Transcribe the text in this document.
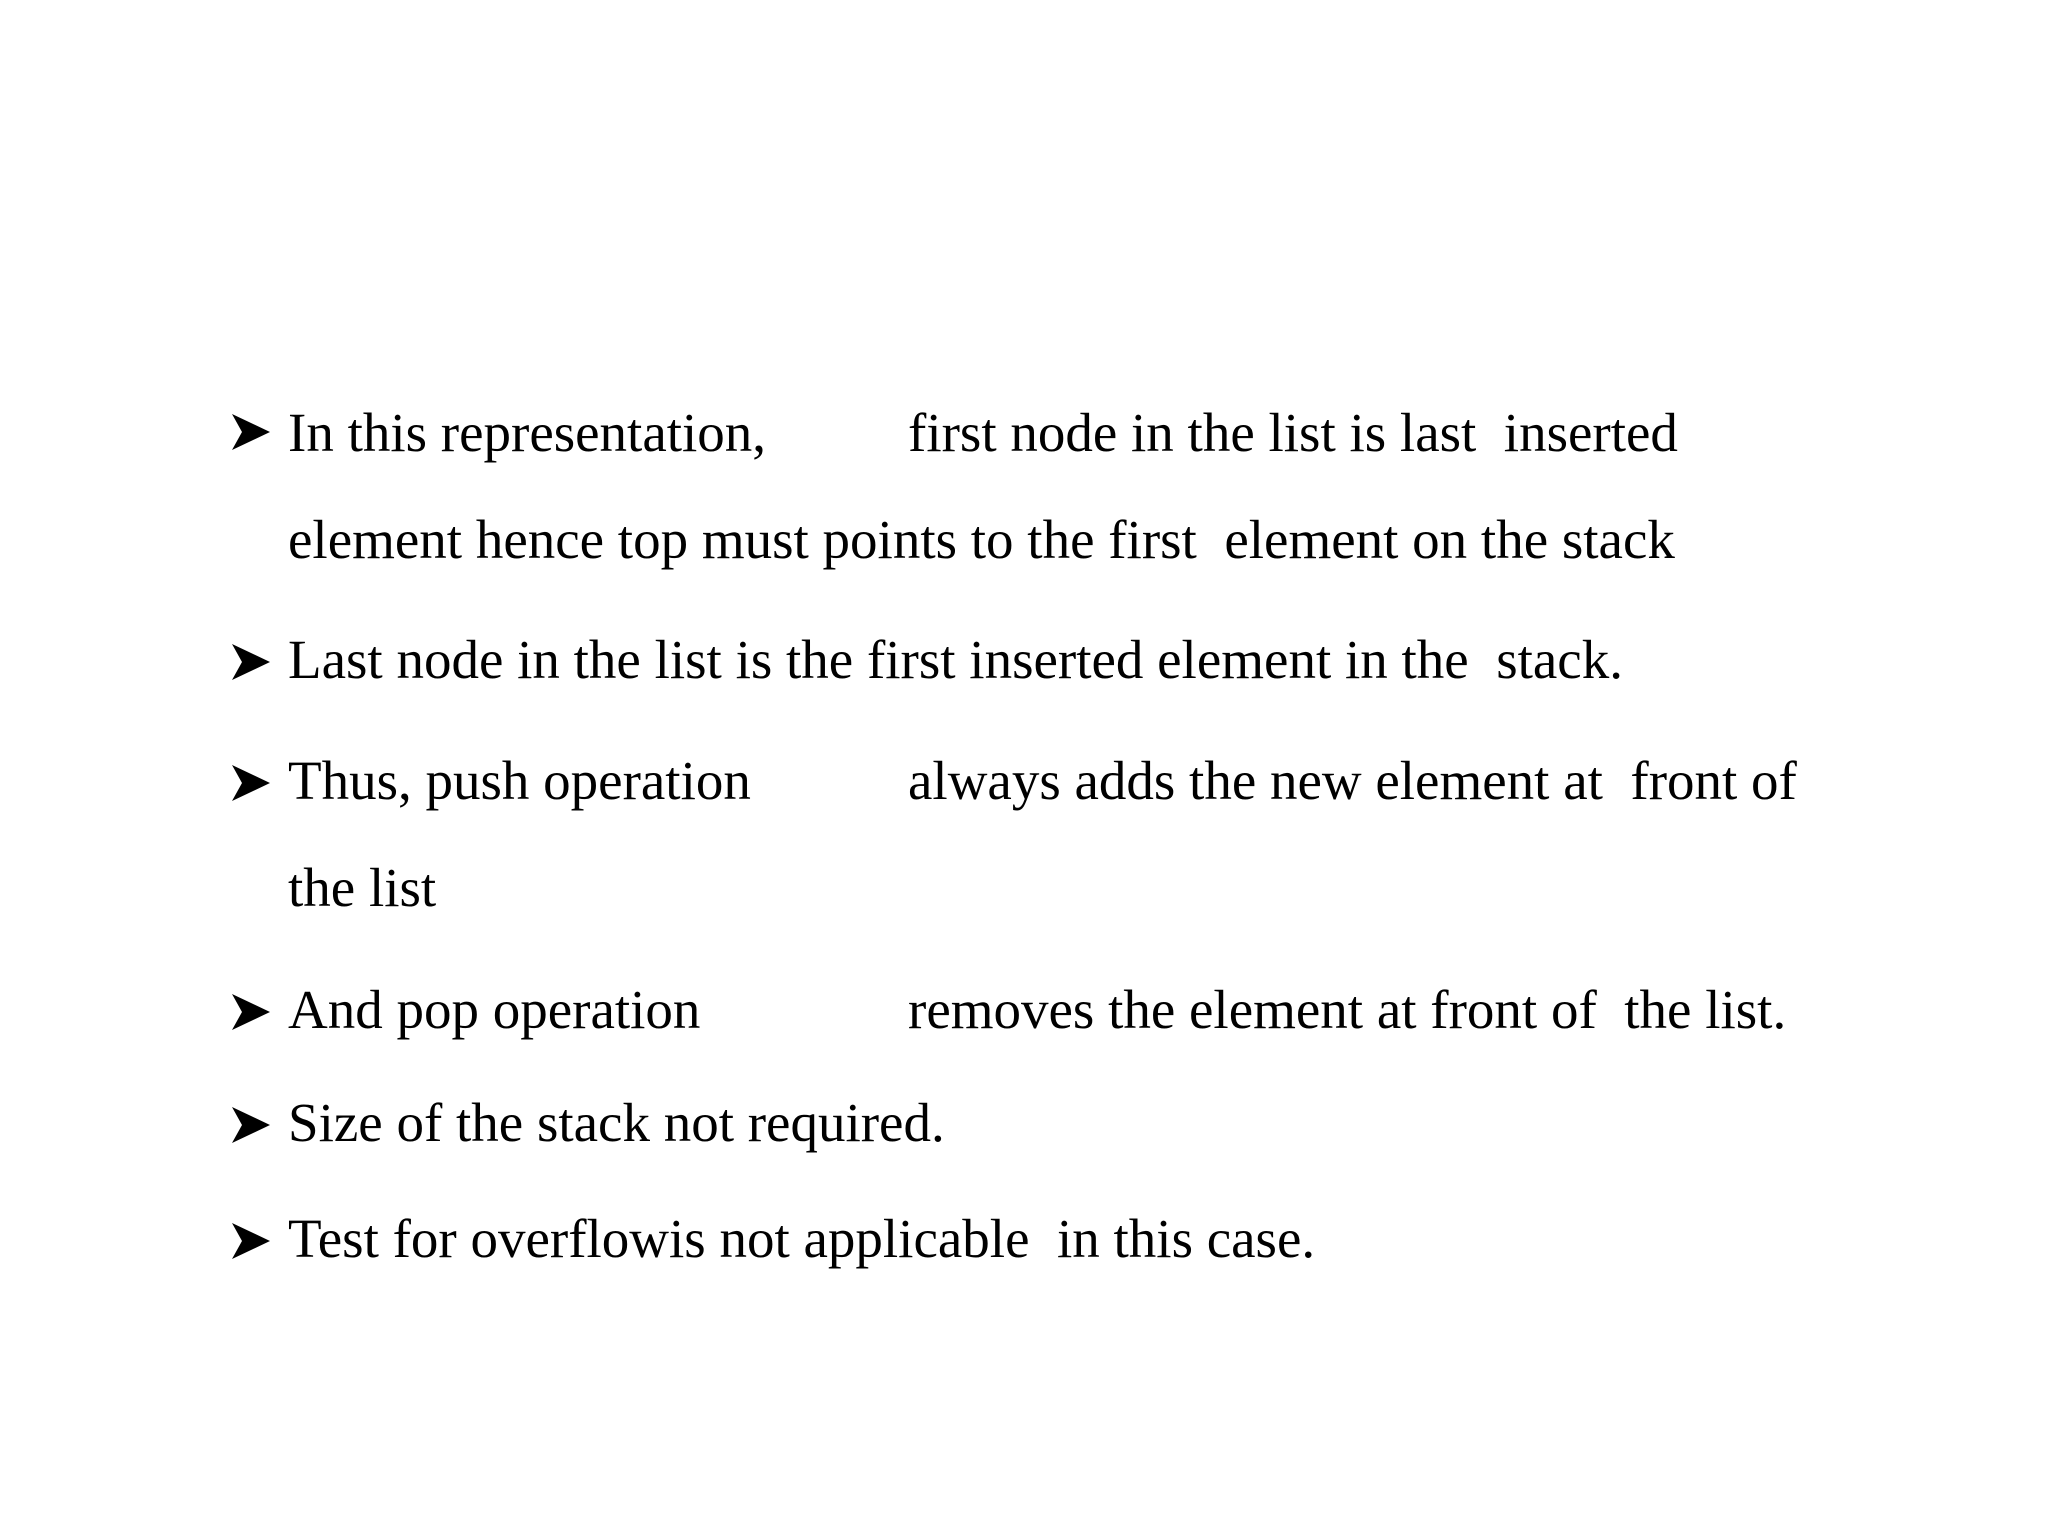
In this representation,	first node in the list is last  inserted
element hence top must points to the first  element on the stack
Last node in the list is the first inserted element in the  stack.
Thus, push operation	always adds the new element at  front of
the list
And pop operation	removes the element at front of  the list.
Size of the stack not required.
Test for overflowis not applicable  in this case.
